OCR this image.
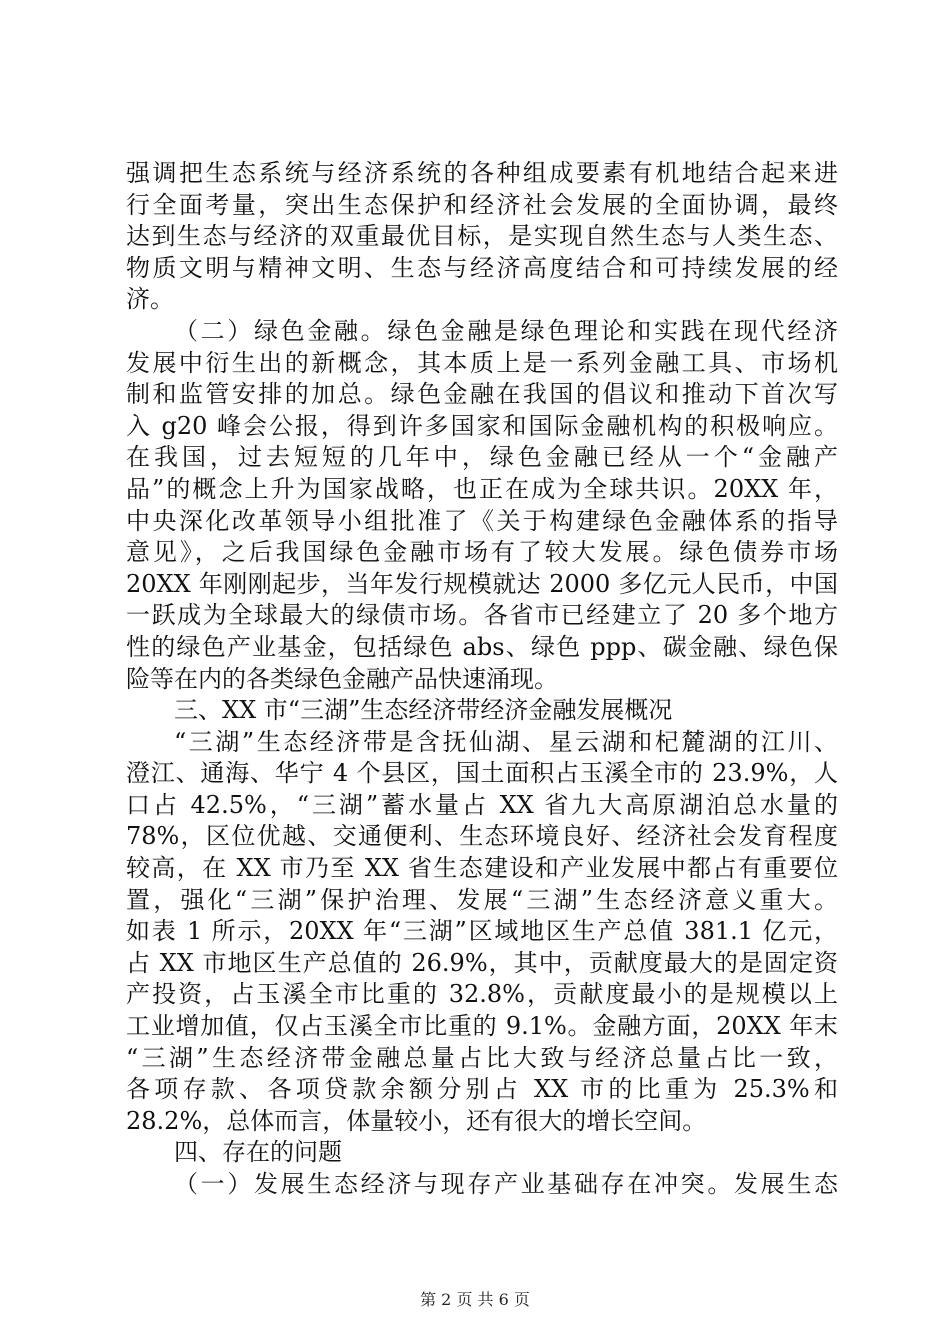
强调把生态系统与经济系统的各种组成要素有机地结合起来进
行全面考量，突出生态保护和经济社会发展的全面协调，最终
达到生态与经济的双重最优目标，是实现自然生态与人类生态、
物质文明与精神文明、生态与经济高度结合和可持续发展的经
济。
（二）绿色金融。绿色金融是绿色理论和实践在现代经济
发展中衍生出的新概念，其本质上是一系列金融工具、市场机
制和监管安排的加总。绿色金融在我国的倡议和推动下首次写
入 g20 峰会公报，得到许多国家和国际金融机构的积极响应。
在我国，过去短短的几年中，绿色金融已经从一个“金融产
品”的概念上升为国家战略，也正在成为全球共识。20XX 年，
中央深化改革领导小组批准了《关于构建绿色金融体系的指导
意见》，之后我国绿色金融市场有了较大发展。绿色债券市场
20XX 年刚刚起步，当年发行规模就达 2000 多亿元人民币，中国
一跃成为全球最大的绿债市场。各省市已经建立了 20 多个地方
性的绿色产业基金，包括绿色 abs、绿色 ppp、碳金融、绿色保
险等在内的各类绿色金融产品快速涌现。
三、XX 市“三湖”生态经济带经济金融发展概况
“三湖”生态经济带是含抚仙湖、星云湖和杞麓湖的江川、
澄江、通海、华宁 4 个县区，国土面积占玉溪全市的 23.9%，人
口占 42.5%，“三湖”蓄水量占 XX 省九大高原湖泊总水量的
78%，区位优越、交通便利、生态环境良好、经济社会发育程度
较高，在 XX 市乃至 XX 省生态建设和产业发展中都占有重要位
置，强化“三湖”保护治理、发展“三湖”生态经济意义重大。
如表 1 所示，20XX 年“三湖”区域地区生产总值 381.1 亿元，
占 XX 市地区生产总值的 26.9%，其中，贡献度最大的是固定资
产投资，占玉溪全市比重的 32.8%，贡献度最小的是规模以上
工业增加值，仅占玉溪全市比重的 9.1%。金融方面，20XX 年末
“三湖”生态经济带金融总量占比大致与经济总量占比一致，
各项存款、各项贷款余额分别占 XX 市的比重为 25.3%和
28.2%，总体而言，体量较小，还有很大的增长空间。
四、存在的问题
（一）发展生态经济与现存产业基础存在冲突。发展生态
第 2 页 共 6 页
